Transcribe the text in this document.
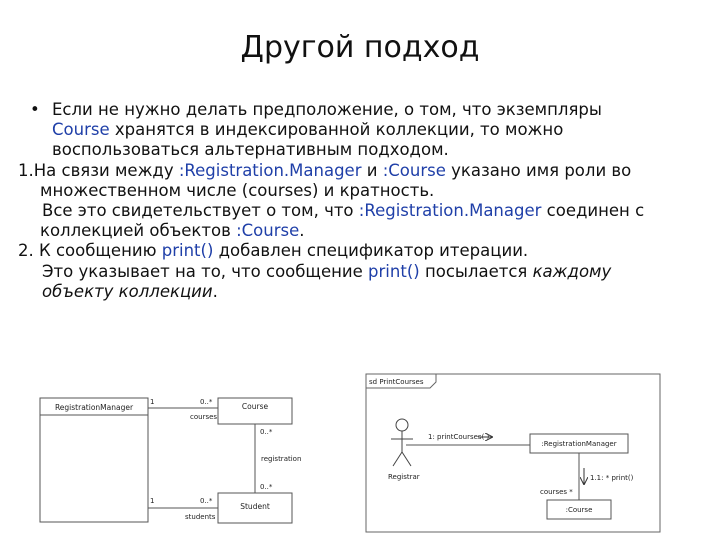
Другой подход
• Если не нужно делать предположение, о том, что экземпляры
Course хранятся в индексированной коллекции, то можно
воспользоваться альтернативным подходом.
1.На связи между :Registration.Manager и :Course указано имя роли во
множественном числе (courses) и кратность.
Все это свидетельствует о том, что :Registration.Manager соединен с
коллекцией объектов :Course.
2. К сообщению print() добавлен спецификатор итерации.
Это указывает на то, что сообщение print() посылается каждому
объекту коллекции.
RegistrationManager	Course
Student
1	0..*
courses
0..*
registration
0..*
1	0..*
students
sd PrintCourses
Registrar
1: printCourses( )
:RegistrationManager
1.1: * print()
courses *
:Course
